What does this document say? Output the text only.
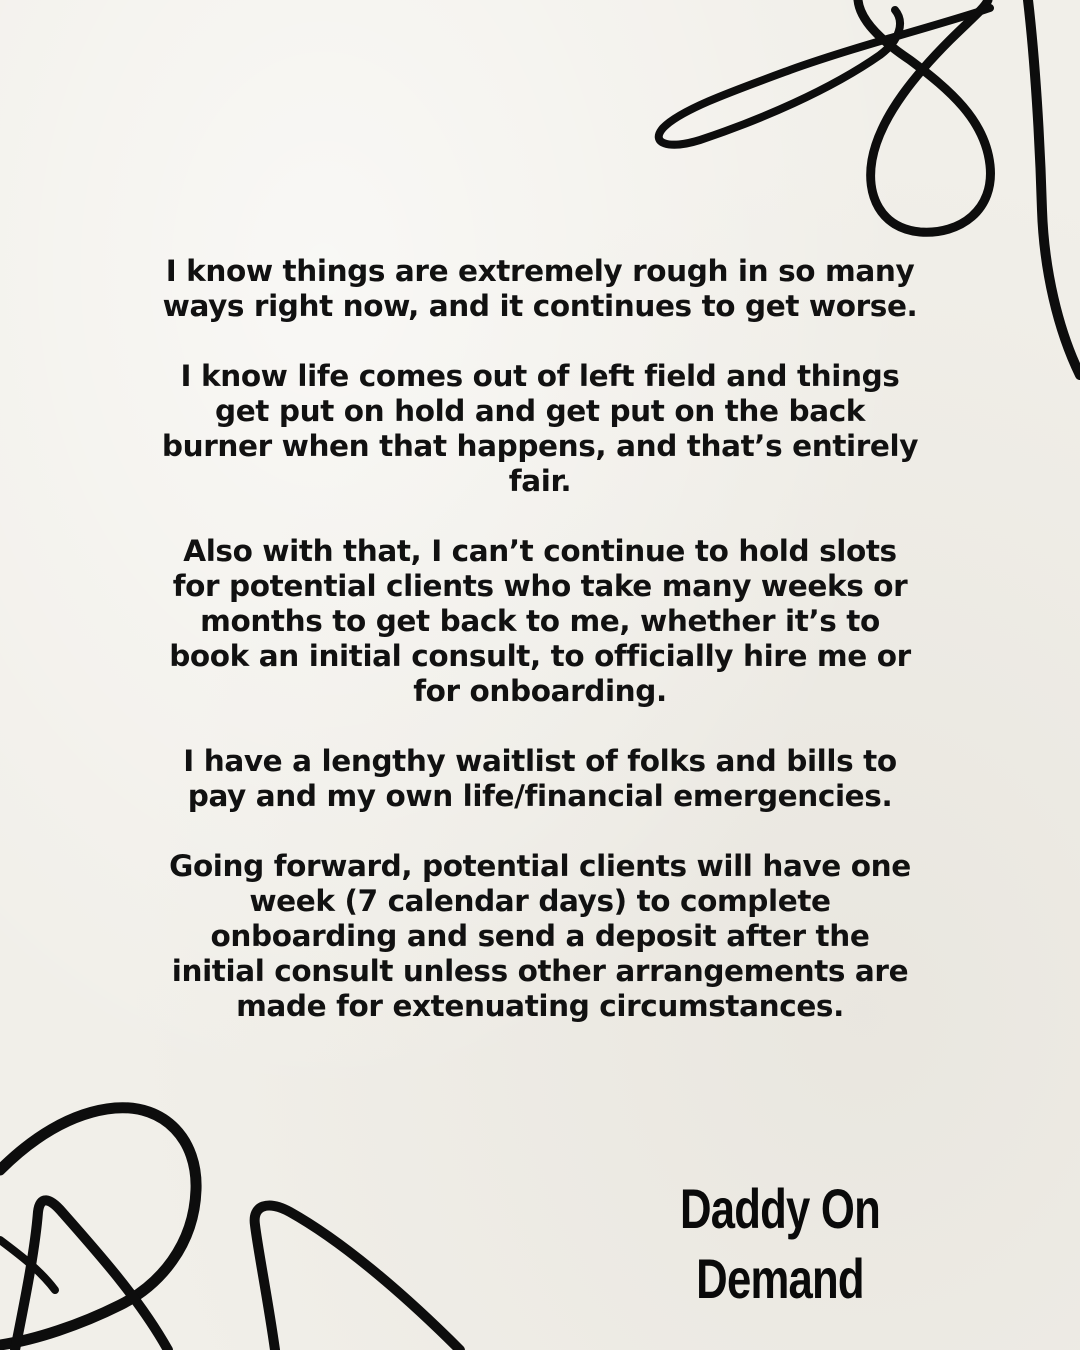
I know things are extremely rough in so many ways right now, and it continues to get worse.

I know life comes out of left field and things get put on hold and get put on the back burner when that happens, and that’s entirely fair.

Also with that, I can’t continue to hold slots for potential clients who take many weeks or months to get back to me, whether it’s to book an initial consult, to officially hire me or for onboarding.

I have a lengthy waitlist of folks and bills to pay and my own life/financial emergencies.

Going forward, potential clients will have one week (7 calendar days) to complete onboarding and send a deposit after the initial consult unless other arrangements are made for extenuating circumstances.

Daddy On Demand
